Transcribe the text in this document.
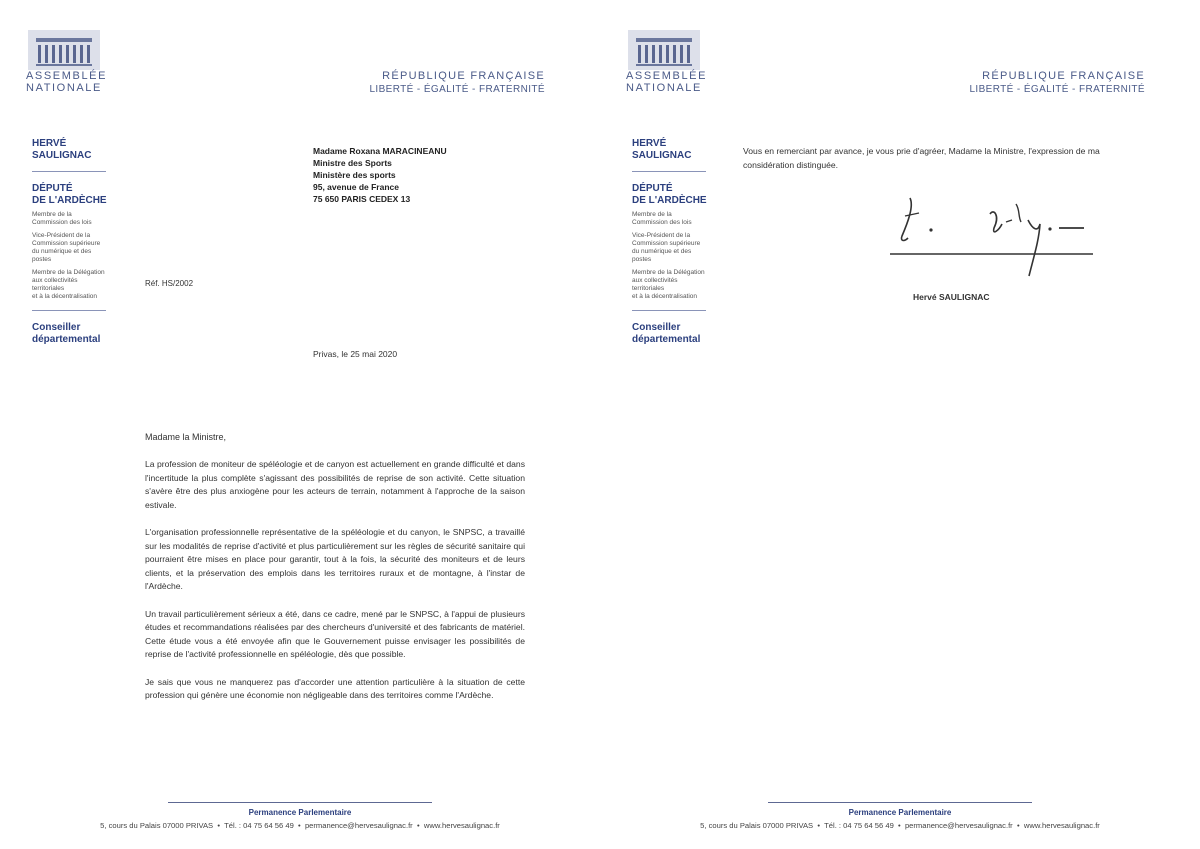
ASSEMBLÉE
NATIONALE
RÉPUBLIQUE FRANÇAISE
LIBERTÉ - ÉGALITÉ - FRATERNITÉ
HERVÉ
SAULIGNAC
DÉPUTÉ
DE L'ARDÈCHE
Membre de la
Commission des lois
Vice-Président de la
Commission supérieure
du numérique et des postes
Membre de la Délégation
aux collectivités territoriales
et à la décentralisation
Conseiller
départemental
Madame Roxana MARACINEANU
Ministre des Sports
Ministère des sports
95, avenue de France
75 650 PARIS CEDEX 13
Réf. HS/2002
Privas, le 25 mai 2020
Madame la Ministre,

La profession de moniteur de spéléologie et de canyon est actuellement en grande difficulté et dans l'incertitude la plus complète s'agissant des possibilités de reprise de son activité. Cette situation s'avère être des plus anxiogène pour les acteurs de terrain, notamment à l'approche de la saison estivale.

L'organisation professionnelle représentative de la spéléologie et du canyon, le SNPSC, a travaillé sur les modalités de reprise d'activité et plus particulièrement sur les règles de sécurité sanitaire qui pourraient être mises en place pour garantir, tout à la fois, la sécurité des moniteurs et de leurs clients, et la préservation des emplois dans les territoires ruraux et de montagne, à l'instar de l'Ardèche.

Un travail particulièrement sérieux a été, dans ce cadre, mené par le SNPSC, à l'appui de plusieurs études et recommandations réalisées par des chercheurs d'université et des fabricants de matériel. Cette étude vous a été envoyée afin que le Gouvernement puisse envisager les possibilités de reprise de l'activité professionnelle en spéléologie, dès que possible.

Je sais que vous ne manquerez pas d'accorder une attention particulière à la situation de cette profession qui génère une économie non négligeable dans des territoires comme l'Ardèche.

Permanence Parlementaire
5, cours du Palais 07000 PRIVAS • Tél. : 04 75 64 56 49 • permanence@hervesaulignac.fr • www.hervesaulignac.fr
ASSEMBLÉE
NATIONALE
RÉPUBLIQUE FRANÇAISE
LIBERTÉ - ÉGALITÉ - FRATERNITÉ
HERVÉ
SAULIGNAC
DÉPUTÉ
DE L'ARDÈCHE
Membre de la
Commission des lois
Vice-Président de la
Commission supérieure
du numérique et des postes
Membre de la Délégation
aux collectivités territoriales
et à la décentralisation
Conseiller
départemental
Permanence Parlementaire
5, cours du Palais 07000 PRIVAS • Tél. : 04 75 64 56 49 • permanence@hervesaulignac.fr • www.hervesaulignac.fr
Vous en remerciant par avance, je vous prie d'agréer, Madame la Ministre, l'expression de ma considération distinguée.
Hervé SAULIGNAC
